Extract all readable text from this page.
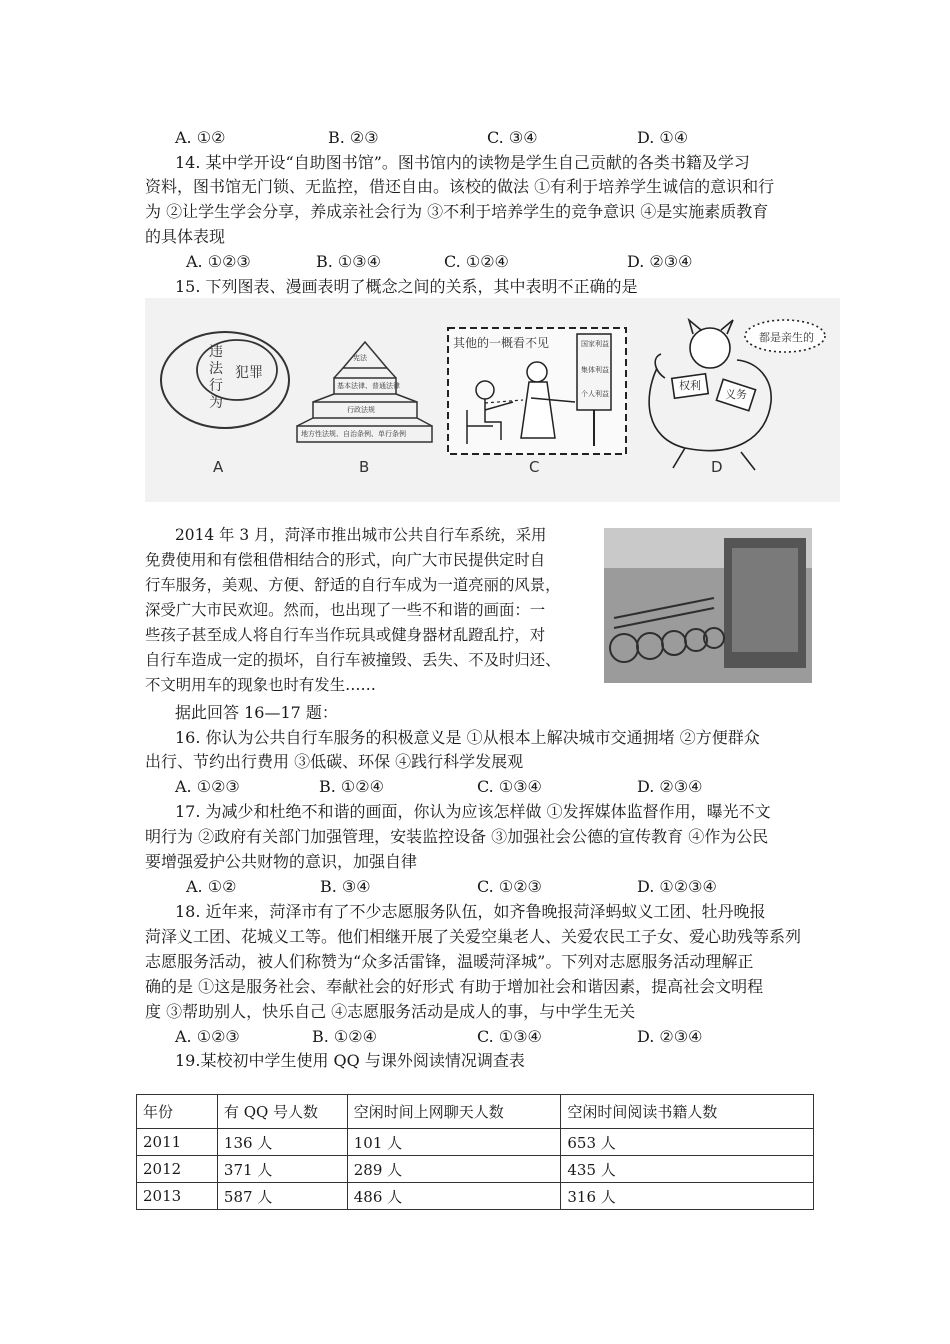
A. ①②	B. ②③	C. ③④	D. ①④
14. 某中学开设“自助图书馆”。图书馆内的读物是学生自己贡献的各类书籍及学习
资料，图书馆无门锁、无监控，借还自由。该校的做法 ①有利于培养学生诚信的意识和行
为 ②让学生学会分享，养成亲社会行为 ③不利于培养学生的竞争意识 ④是实施素质教育
的具体表现
A. ①②③	B. ①③④	C. ①②④	D. ②③④
15. 下列图表、漫画表明了概念之间的关系，其中表明不正确的是
违法行为
犯罪
宪法
基本法律、普通法律
行政法规
地方性法规、自治条例、单行条例
其他的一概看不见	国家利益
集体利益
个人利益
都是亲生的
权利
义务
A	B	C	D
2014 年 3 月，菏泽市推出城市公共自行车系统，采用
免费使用和有偿租借相结合的形式，向广大市民提供定时自
行车服务，美观、方便、舒适的自行车成为一道亮丽的风景，
深受广大市民欢迎。然而，也出现了一些不和谐的画面：一
些孩子甚至成人将自行车当作玩具或健身器材乱蹬乱拧，对
自行车造成一定的损坏，自行车被撞毁、丢失、不及时归还、
不文明用车的现象也时有发生……
据此回答 16—17 题：
16. 你认为公共自行车服务的积极意义是 ①从根本上解决城市交通拥堵 ②方便群众
出行、节约出行费用 ③低碳、环保 ④践行科学发展观
A. ①②③	B. ①②④	C. ①③④	D. ②③④
17. 为减少和杜绝不和谐的画面，你认为应该怎样做 ①发挥媒体监督作用，曝光不文
明行为 ②政府有关部门加强管理，安装监控设备 ③加强社会公德的宣传教育 ④作为公民
要增强爱护公共财物的意识，加强自律
A. ①②	B. ③④	C. ①②③	D. ①②③④
18. 近年来，菏泽市有了不少志愿服务队伍，如齐鲁晚报菏泽蚂蚁义工团、牡丹晚报
菏泽义工团、花城义工等。他们相继开展了关爱空巢老人、关爱农民工子女、爱心助残等系列
志愿服务活动，被人们称赞为“众多活雷锋，温暖菏泽城”。下列对志愿服务活动理解正
确的是 ①这是服务社会、奉献社会的好形式 有助于增加社会和谐因素，提高社会文明程
度 ③帮助别人，快乐自己 ④志愿服务活动是成人的事，与中学生无关
A. ①②③	B. ①②④	C. ①③④	D. ②③④
19.某校初中学生使用 QQ 与课外阅读情况调查表
年份	有 QQ 号人数	空闲时间上网聊天人数	空闲时间阅读书籍人数
2011	136 人	101 人	653 人
2012	371 人	289 人	435 人
2013	587 人	486 人	316 人
